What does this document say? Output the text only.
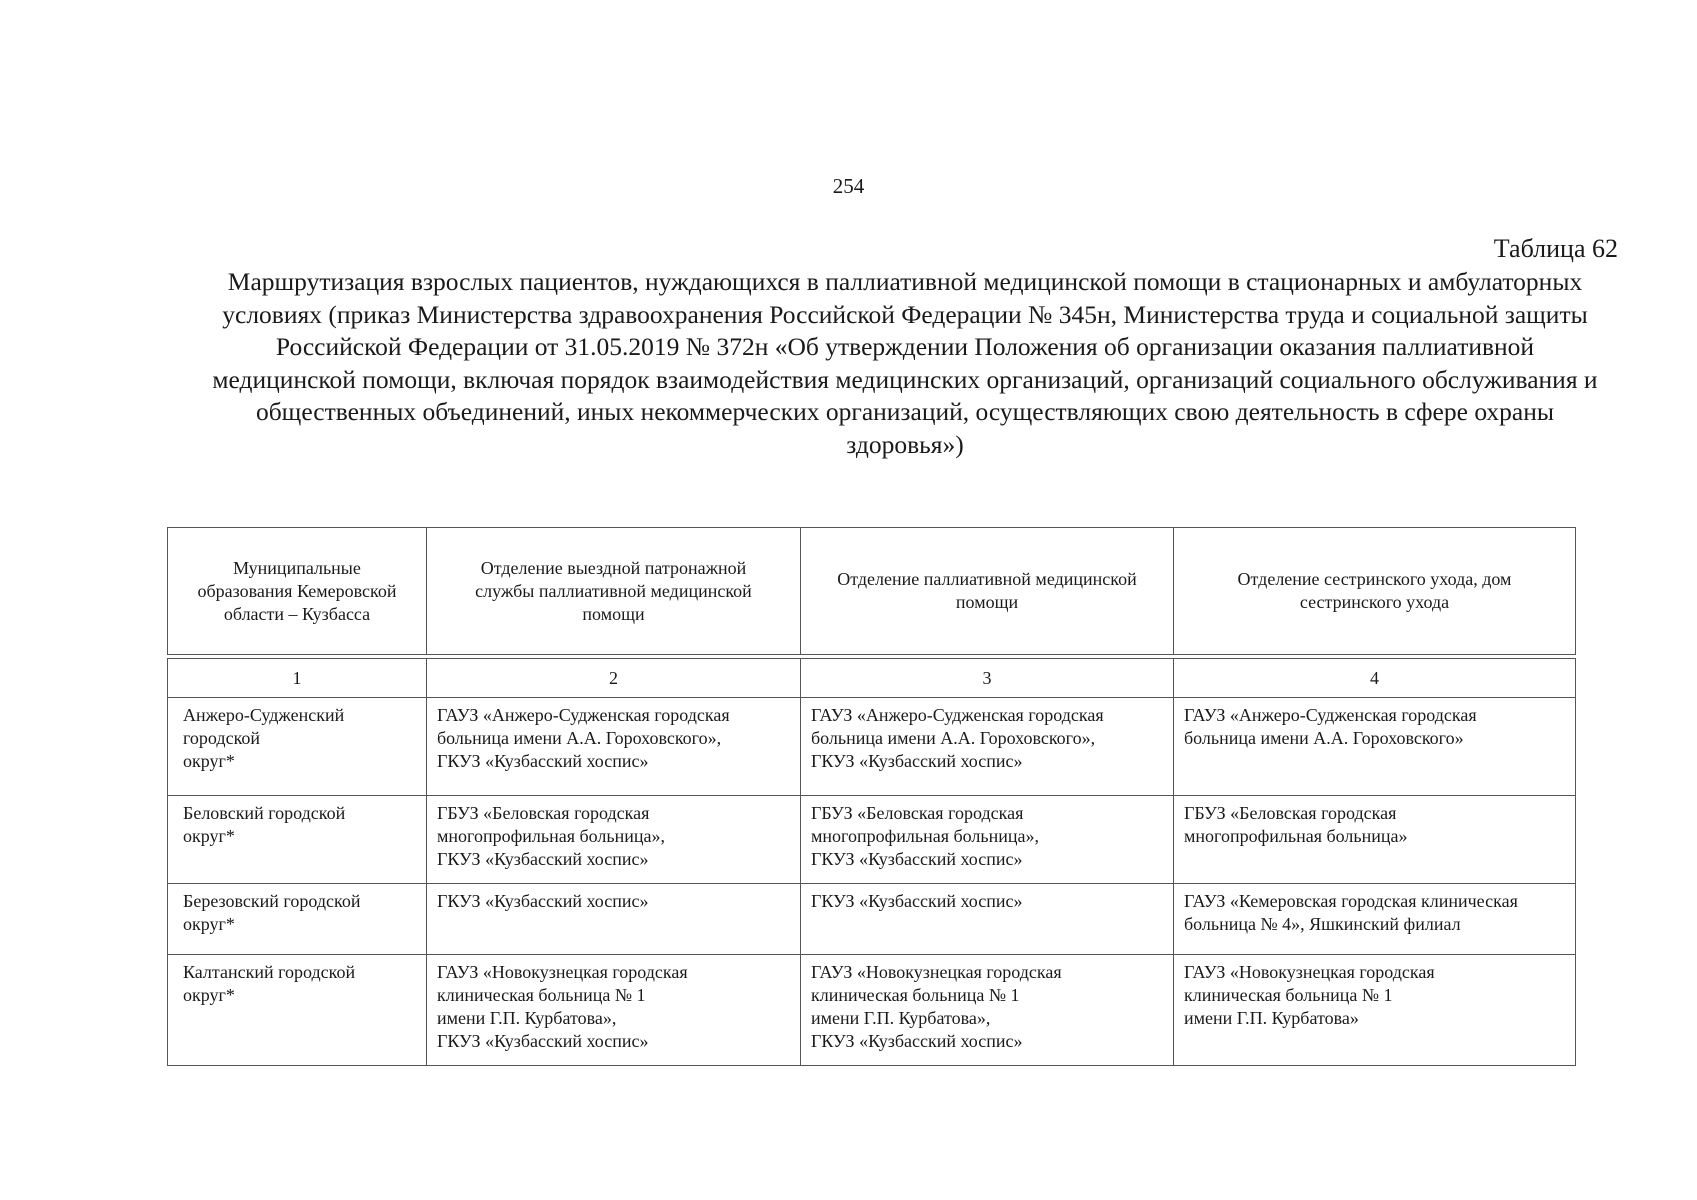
254
Таблица 62
Маршрутизация взрослых пациентов, нуждающихся в паллиативной медицинской помощи в стационарных и амбулаторных условиях (приказ Министерства здравоохранения Российской Федерации № 345н, Министерства труда и социальной защиты Российской Федерации от 31.05.2019 № 372н «Об утверждении Положения об организации оказания паллиативной медицинской помощи, включая порядок взаимодействия медицинских организаций, организаций социального обслуживания и общественных объединений, иных некоммерческих организаций, осуществляющих свою деятельность в сфере охраны здоровья»)
Муниципальные образования Кемеровской области – Кузбасса	Отделение выездной патронажной службы паллиативной медицинской помощи	Отделение паллиативной медицинской помощи	Отделение сестринского ухода, дом сестринского ухода

1	2	3	4

Анжеро-Судженский
городской
округ*	ГАУЗ «Анжеро-Судженская городская
больница имени А.А. Гороховского»,
ГКУЗ «Кузбасский хоспис»	ГАУЗ «Анжеро-Судженская городская
больница имени А.А. Гороховского»,
ГКУЗ «Кузбасский хоспис»	ГАУЗ «Анжеро-Судженская городская
больница имени А.А. Гороховского»

Беловский городской
округ*	ГБУЗ «Беловская городская
многопрофильная больница»,
ГКУЗ «Кузбасский хоспис»	ГБУЗ «Беловская городская
многопрофильная больница»,
ГКУЗ «Кузбасский хоспис»	ГБУЗ «Беловская городская
многопрофильная больница»

Березовский городской
округ*	ГКУЗ «Кузбасский хоспис»	ГКУЗ «Кузбасский хоспис»	ГАУЗ «Кемеровская городская клиническая
больница № 4», Яшкинский филиал

Калтанский городской
округ*	ГАУЗ «Новокузнецкая городская
клиническая больница № 1
имени Г.П. Курбатова»,
ГКУЗ «Кузбасский хоспис»	ГАУЗ «Новокузнецкая городская
клиническая больница № 1
имени Г.П. Курбатова»,
ГКУЗ «Кузбасский хоспис»	ГАУЗ «Новокузнецкая городская
клиническая больница № 1
имени Г.П. Курбатова»
